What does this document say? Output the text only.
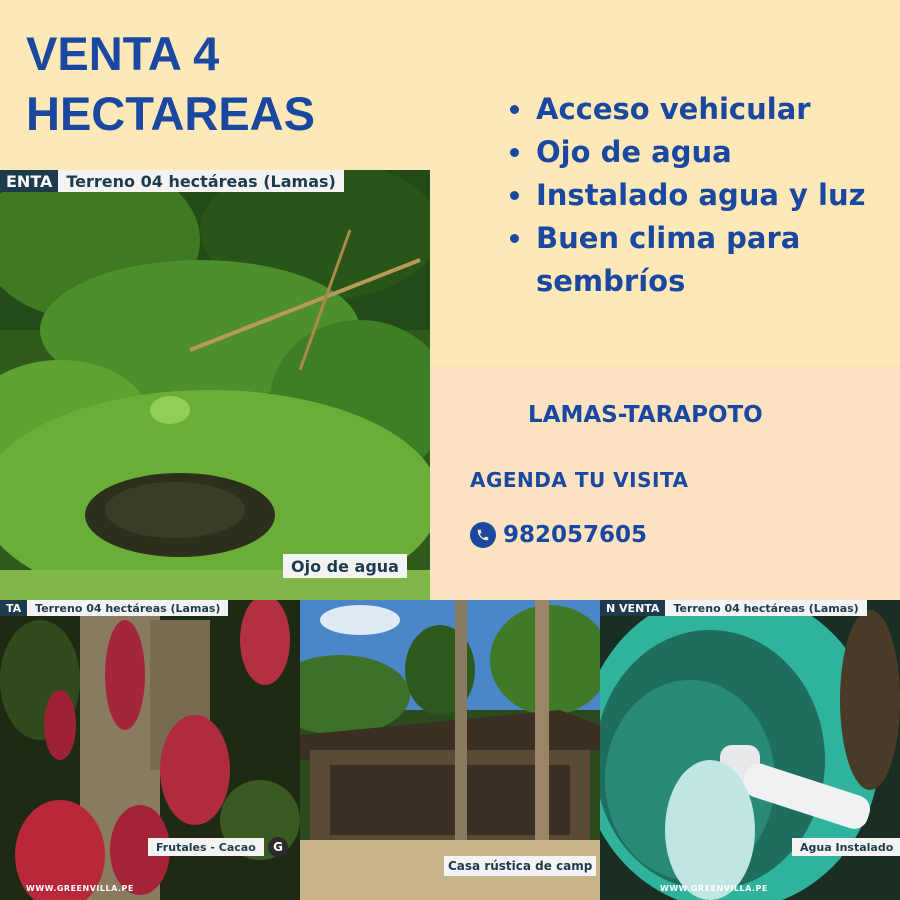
VENTA 4
HECTAREAS	Acceso vehicular
Ojo de agua
Instalado agua y luz
Buen clima para sembríos
LAMAS-TARAPOTO
AGENDA TU VISITA
982057605
ENTA Terreno 04 hectáreas (Lamas)
Ojo de agua
TA	Terreno 04 hectáreas (Lamas)
Frutales - Cacao	G
WWW.GREENVILLA.PE
Casa rústica de camp
N VENTA	Terreno 04 hectáreas (Lamas)
Agua Instalado
WWW.GREENVILLA.PE
